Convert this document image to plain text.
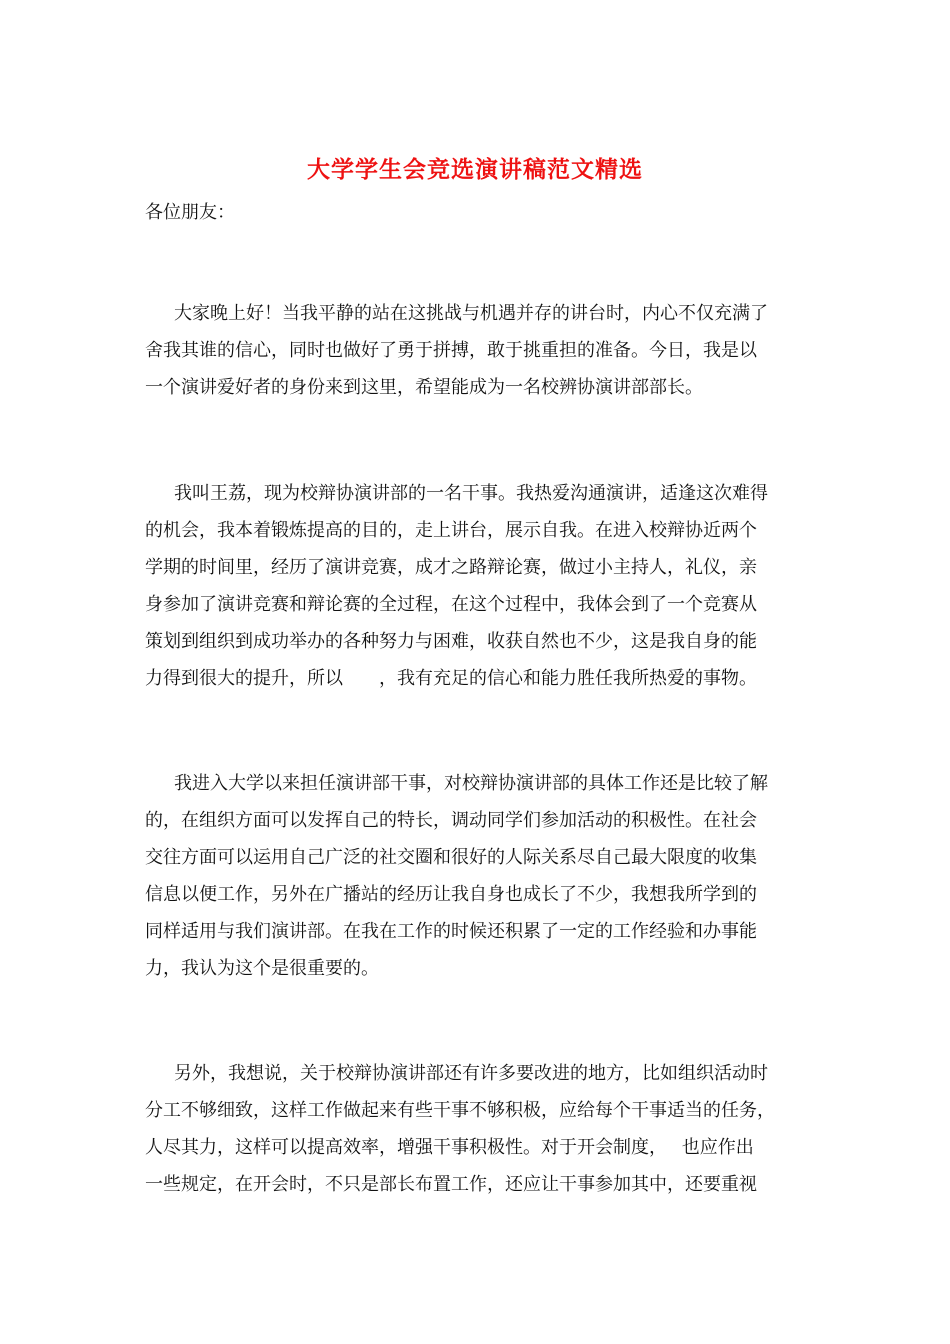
大学学生会竞选演讲稿范文精选
各位朋友：
大家晚上好！当我平静的站在这挑战与机遇并存的讲台时，内心不仅充满了
舍我其谁的信心，同时也做好了勇于拼搏，敢于挑重担的准备。今日，我是以
一个演讲爱好者的身份来到这里，希望能成为一名校辨协演讲部部长。
我叫王荔，现为校辩协演讲部的一名干事。我热爱沟通演讲，适逢这次难得
的机会，我本着锻炼提高的目的，走上讲台，展示自我。在进入校辩协近两个
学期的时间里，经历了演讲竞赛，成才之路辩论赛，做过小主持人，礼仪，亲
身参加了演讲竞赛和辩论赛的全过程，在这个过程中，我体会到了一个竞赛从
策划到组织到成功举办的各种努力与困难，收获自然也不少，这是我自身的能
力得到很大的提升，所以　　，我有充足的信心和能力胜任我所热爱的事物。
我进入大学以来担任演讲部干事，对校辩协演讲部的具体工作还是比较了解
的，在组织方面可以发挥自己的特长，调动同学们参加活动的积极性。在社会
交往方面可以运用自己广泛的社交圈和很好的人际关系尽自己最大限度的收集
信息以便工作，另外在广播站的经历让我自身也成长了不少，我想我所学到的
同样适用与我们演讲部。在我在工作的时候还积累了一定的工作经验和办事能
力，我认为这个是很重要的。
另外，我想说，关于校辩协演讲部还有许多要改进的地方，比如组织活动时
分工不够细致，这样工作做起来有些干事不够积极，应给每个干事适当的任务，
人尽其力，这样可以提高效率，增强干事积极性。对于开会制度，　 也应作出
一些规定，在开会时，不只是部长布置工作，还应让干事参加其中，还要重视
